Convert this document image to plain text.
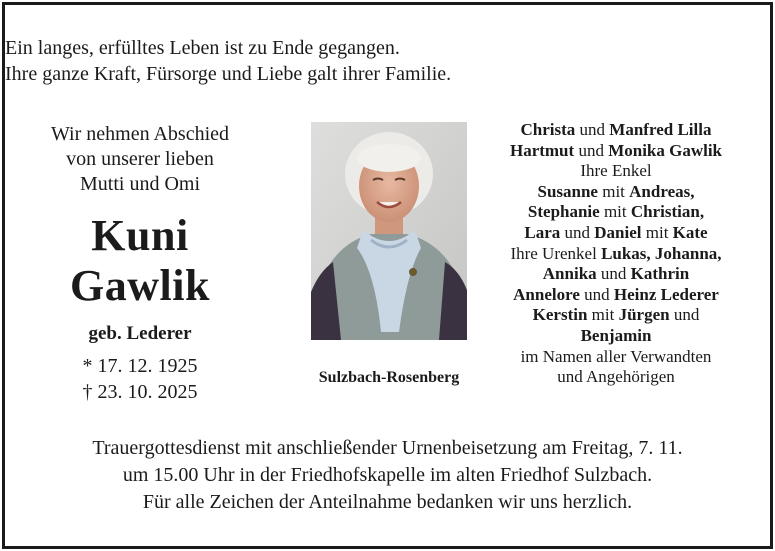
Ein langes, erfülltes Leben ist zu Ende gegangen.
Ihre ganze Kraft, Fürsorge und Liebe galt ihrer Familie.
Wir nehmen Abschied
von unserer lieben
Mutti und Omi
Kuni
Gawlik
geb. Lederer
* 17. 12. 1925
† 23. 10. 2025
Sulzbach-Rosenberg
Christa und Manfred Lilla
Hartmut und Monika Gawlik
Ihre Enkel
Susanne mit Andreas,
Stephanie mit Christian,
Lara und Daniel mit Kate
Ihre Urenkel Lukas, Johanna,
Annika und Kathrin
Annelore und Heinz Lederer
Kerstin mit Jürgen und
Benjamin
im Namen aller Verwandten
und Angehörigen
Trauergottesdienst mit anschließender Urnenbeisetzung am Freitag, 7. 11.
um 15.00 Uhr in der Friedhofskapelle im alten Friedhof Sulzbach.
Für alle Zeichen der Anteilnahme bedanken wir uns herzlich.
